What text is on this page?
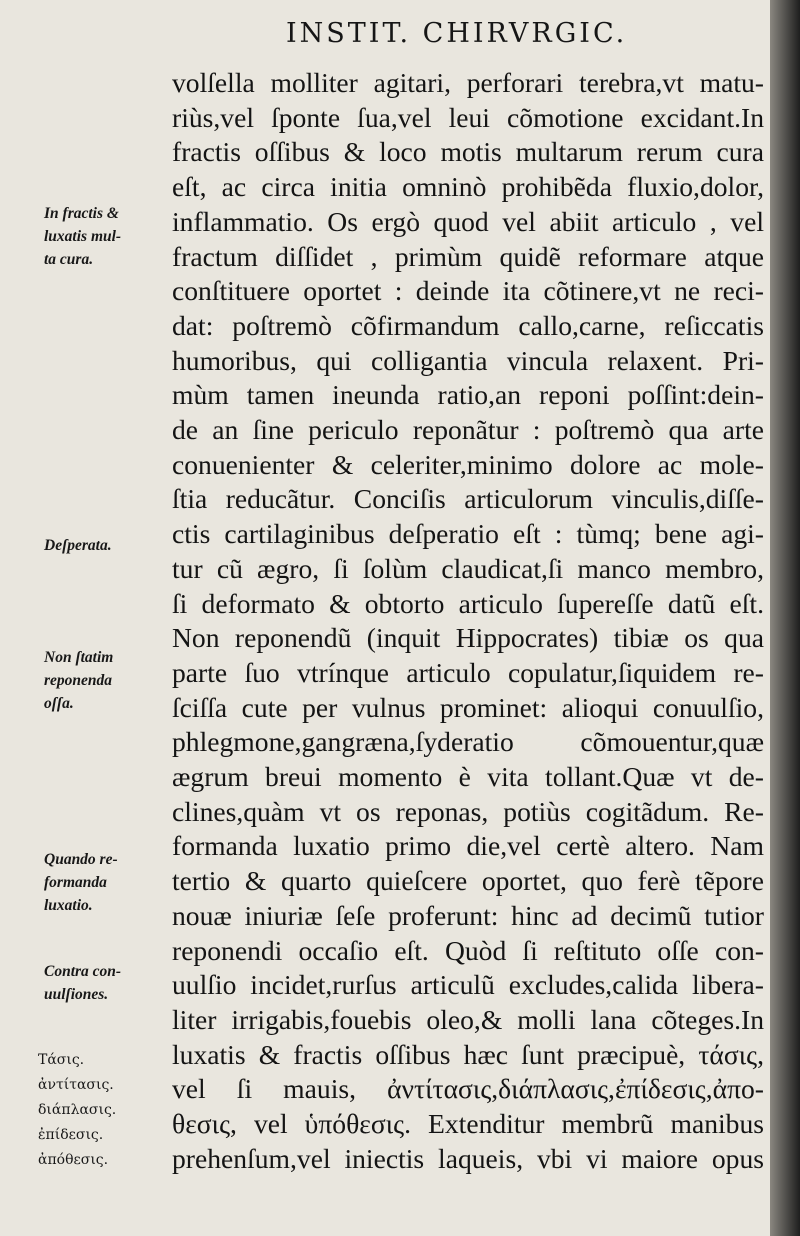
INSTIT. CHIRVRGIC.
volſella molliter agitari, perforari terebra,vt matu-
riùs,vel ſponte ſua,vel leui cõmotione excidant.In
fractis oſſibus & loco motis multarum rerum cura
eſt, ac circa initia omninò prohibẽda fluxio,dolor,
inflammatio. Os ergò quod vel abiit articulo , vel
fractum diſſidet , primùm quidẽ reformare atque
conſtituere oportet : deinde ita cõtinere,vt ne reci-
dat: poſtremò cõfirmandum callo,carne, reſiccatis
humoribus, qui colligantia vincula relaxent. Pri-
mùm tamen ineunda ratio,an reponi poſſint:dein-
de an ſine periculo reponãtur : poſtremò qua arte
conuenienter & celeriter,minimo dolore ac mole-
ſtia reducãtur. Conciſis articulorum vinculis,diſſe-
ctis cartilaginibus deſperatio eſt : tùmq; bene agi-
tur cũ ægro, ſi ſolùm claudicat,ſi manco membro,
ſi deformato & obtorto articulo ſupereſſe datũ eſt.
Non reponendũ (inquit Hippocrates) tibiæ os qua
parte ſuo vtrínque articulo copulatur,ſiquidem re-
ſciſſa cute per vulnus prominet: alioqui conuulſio,
phlegmone,gangræna,ſyderatio cõmouentur,quæ
ægrum breui momento è vita tollant.Quæ vt de-
clines,quàm vt os reponas, potiùs cogitãdum. Re-
formanda luxatio primo die,vel certè altero. Nam
tertio & quarto quieſcere oportet, quo ferè tẽpore
nouæ iniuriæ ſeſe proferunt: hinc ad decimũ tutior
reponendi occaſio eſt. Quòd ſi reſtituto oſſe con-
uulſio incidet,rurſus articulũ excludes,calida libera-
liter irrigabis,fouebis oleo,& molli lana cõteges.In
luxatis & fractis oſſibus hæc ſunt præcipuè, τάσις,
vel ſi mauis, ἀντίτασις,διάπλασις,ἐπίδεσις,ἀπο-
θεσις, vel ὑπόθεσις. Extenditur membrũ manibus
prehenſum,vel iniectis laqueis, vbi vi maiore opus
In fractis &
luxatis mul-
ta cura.
Deſperata.
Non ſtatim
reponenda
oſſa.
Quando re-
formanda
luxatio.
Contra con-
uulſiones.
Τάσις.
ἀντίτασις.
διάπλασις.
ἐπίδεσις.
ἀπόθεσις.
